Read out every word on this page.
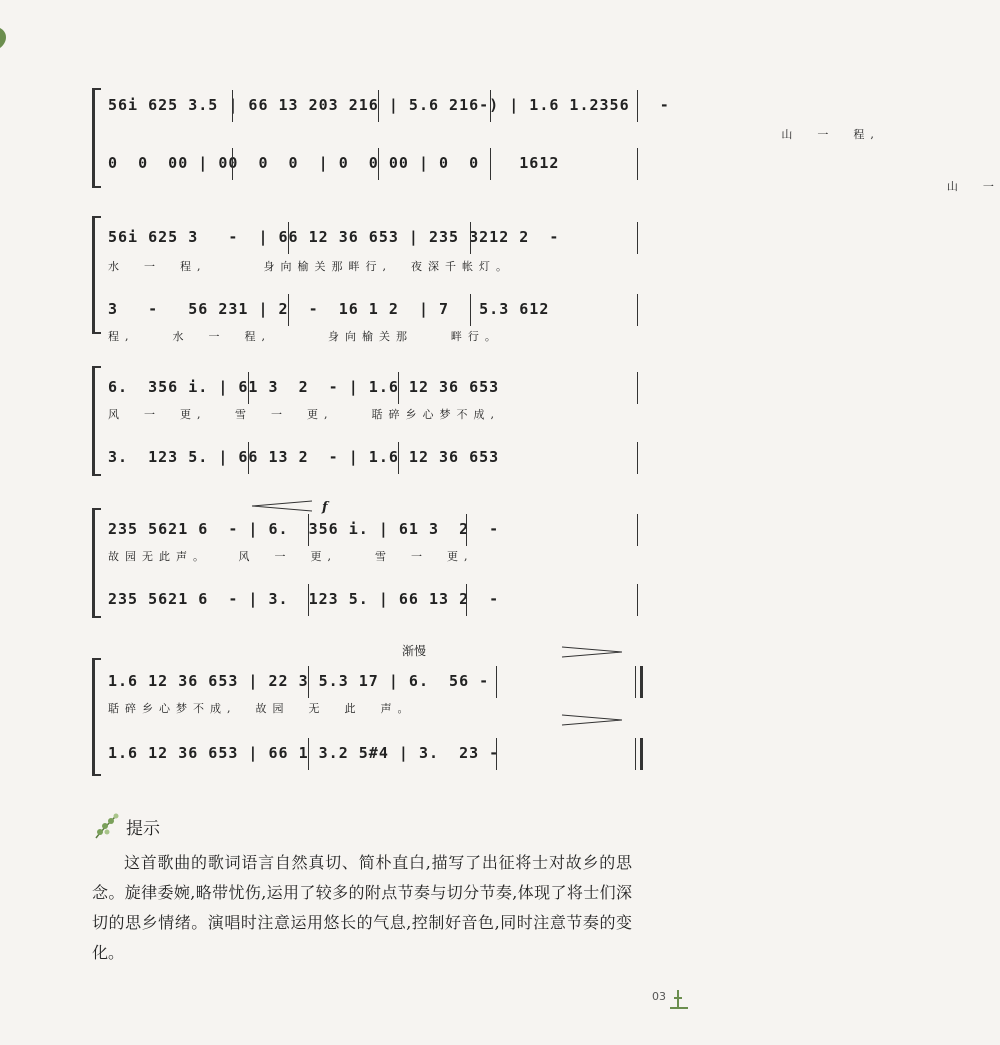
56i 625 3.5 | 66 13 203 216 | 5.6 216-) | 1.6 1.2356   -
山  一  程,
0  0  00 | 00  0  0  | 0  0 00 | 0  0    1612
山  一
56i 625 3   -  | 66 12 36 653 | 235 3212 2  -
水  一  程,      身向榆关那畔行,  夜深千帐灯。
3   -   56 231 | 2  -  16 1 2  | 7   5.3 612
程,    水  一  程,      身向榆关那    畔行。
6.  356 i. | 61 3  2  - | 1.6 12 36 653
风  一  更,   雪  一  更,    聒碎乡心梦不成,
3.  123 5. | 66 13 2  - | 1.6 12 36 653
f
235 5621 6  - | 6.  356 i. | 61 3  2  -
故园无此声。   风  一  更,    雪  一  更,
235 5621 6  - | 3.  123 5. | 66 13 2  -
渐慢
1.6 12 36 653 | 22 3 5.3 17 | 6.  56 -
聒碎乡心梦不成,  故园  无  此  声。
1.6 12 36 653 | 66 1 3.2 5#4 | 3.  23 -
提示
这首歌曲的歌词语言自然真切、简朴直白,描写了出征将士对故乡的思念。旋律委婉,略带忧伤,运用了较多的附点节奏与切分节奏,体现了将士们深切的思乡情绪。演唱时注意运用悠长的气息,控制好音色,同时注意节奏的变化。
03
